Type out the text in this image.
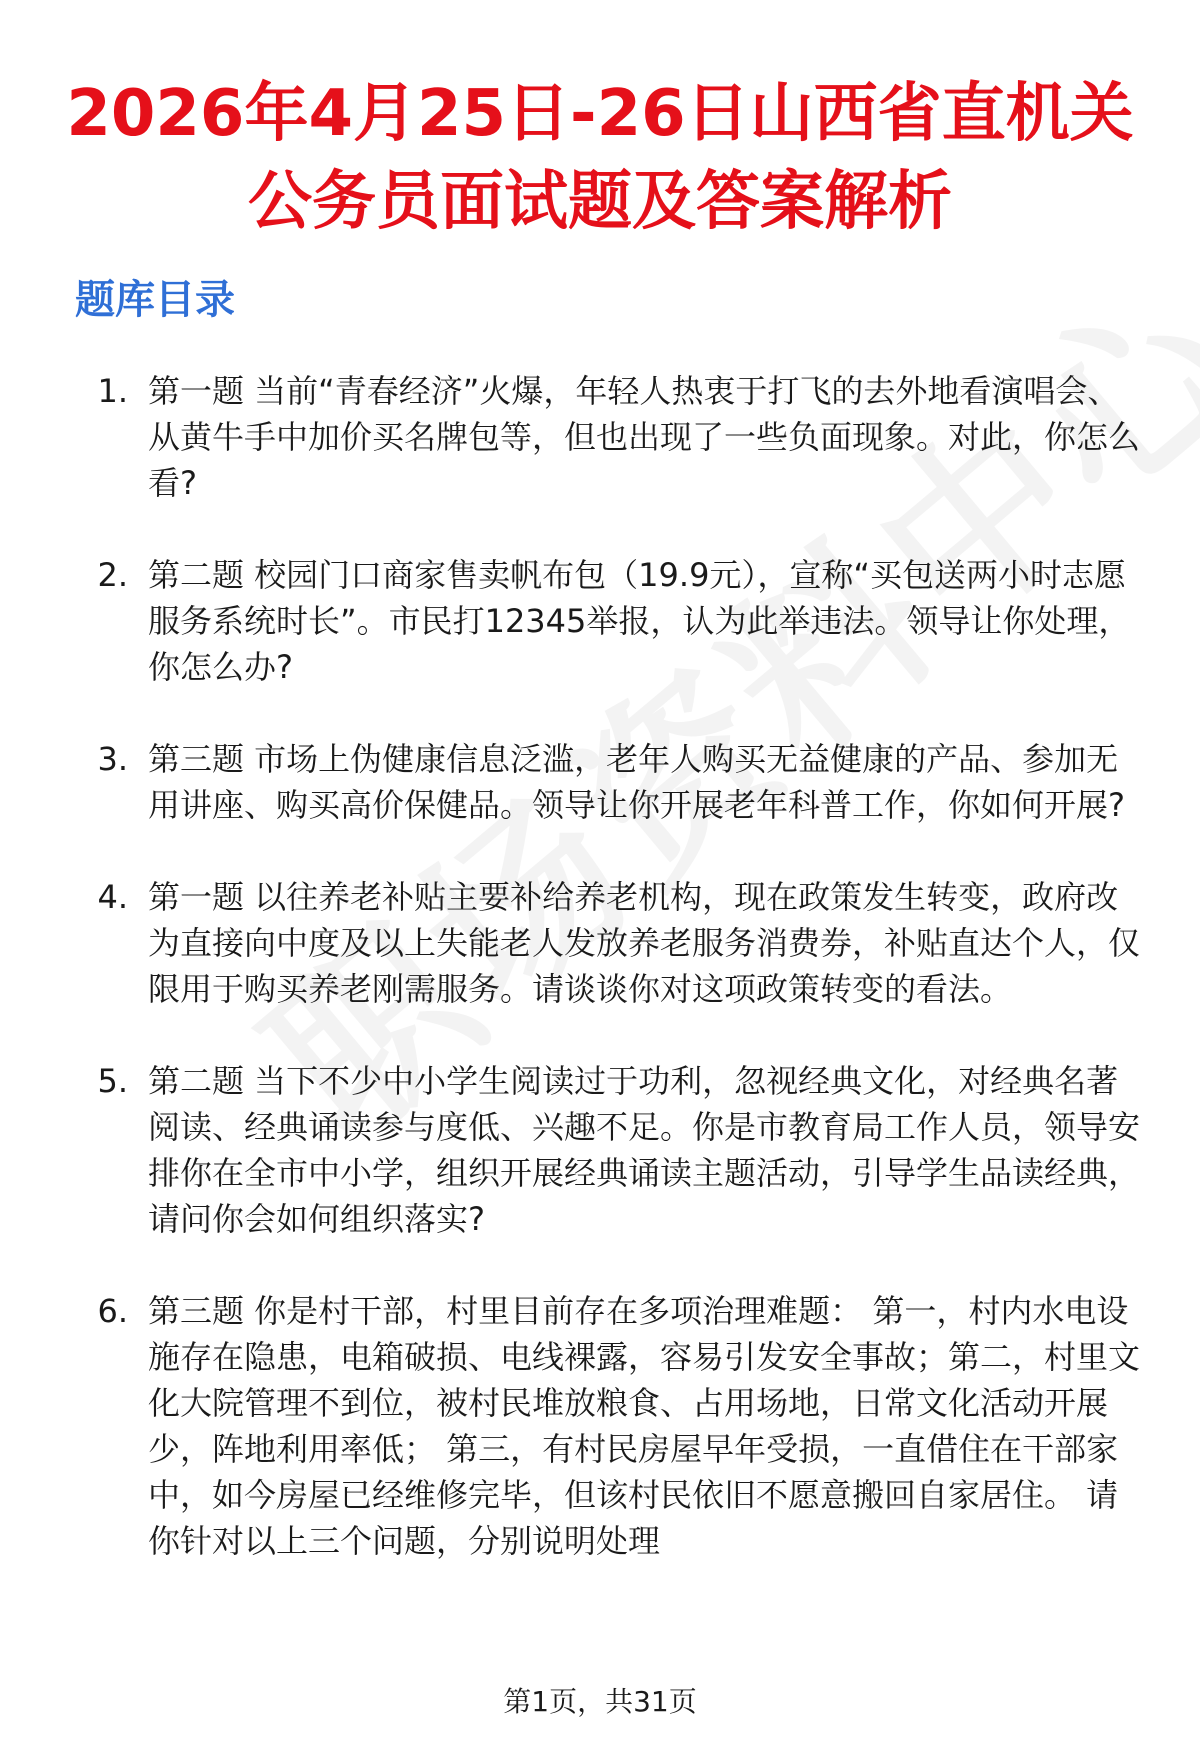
2026年4月25日-26日山西省直机关公务员面试题及答案解析
题库目录
1. 第一题 当前“青春经济”火爆，年轻人热衷于打飞的去外地看演唱会、从黄牛手中加价买名牌包等，但也出现了一些负面现象。对此，你怎么看?
2. 第二题 校园门口商家售卖帆布包（19.9元），宣称“买包送两小时志愿服务系统时长”。市民打12345举报，认为此举违法。领导让你处理，你怎么办?
3. 第三题 市场上伪健康信息泛滥，老年人购买无益健康的产品、参加无用讲座、购买高价保健品。领导让你开展老年科普工作，你如何开展?
4. 第一题 以往养老补贴主要补给养老机构，现在政策发生转变，政府改为直接向中度及以上失能老人发放养老服务消费券，补贴直达个人，仅限用于购买养老刚需服务。请谈谈你对这项政策转变的看法。
5. 第二题 当下不少中小学生阅读过于功利，忽视经典文化，对经典名著阅读、经典诵读参与度低、兴趣不足。你是市教育局工作人员，领导安排你在全市中小学，组织开展经典诵读主题活动，引导学生品读经典，请问你会如何组织落实?
6. 第三题 你是村干部，村里目前存在多项治理难题： 第一，村内水电设施存在隐患，电箱破损、电线裸露，容易引发安全事故；第二，村里文化大院管理不到位，被村民堆放粮食、占用场地，日常文化活动开展少，阵地利用率低； 第三，有村民房屋早年受损，一直借住在干部家中，如今房屋已经维修完毕，但该村民依旧不愿意搬回自家居住。 请你针对以上三个问题，分别说明处理
第1页，共31页
